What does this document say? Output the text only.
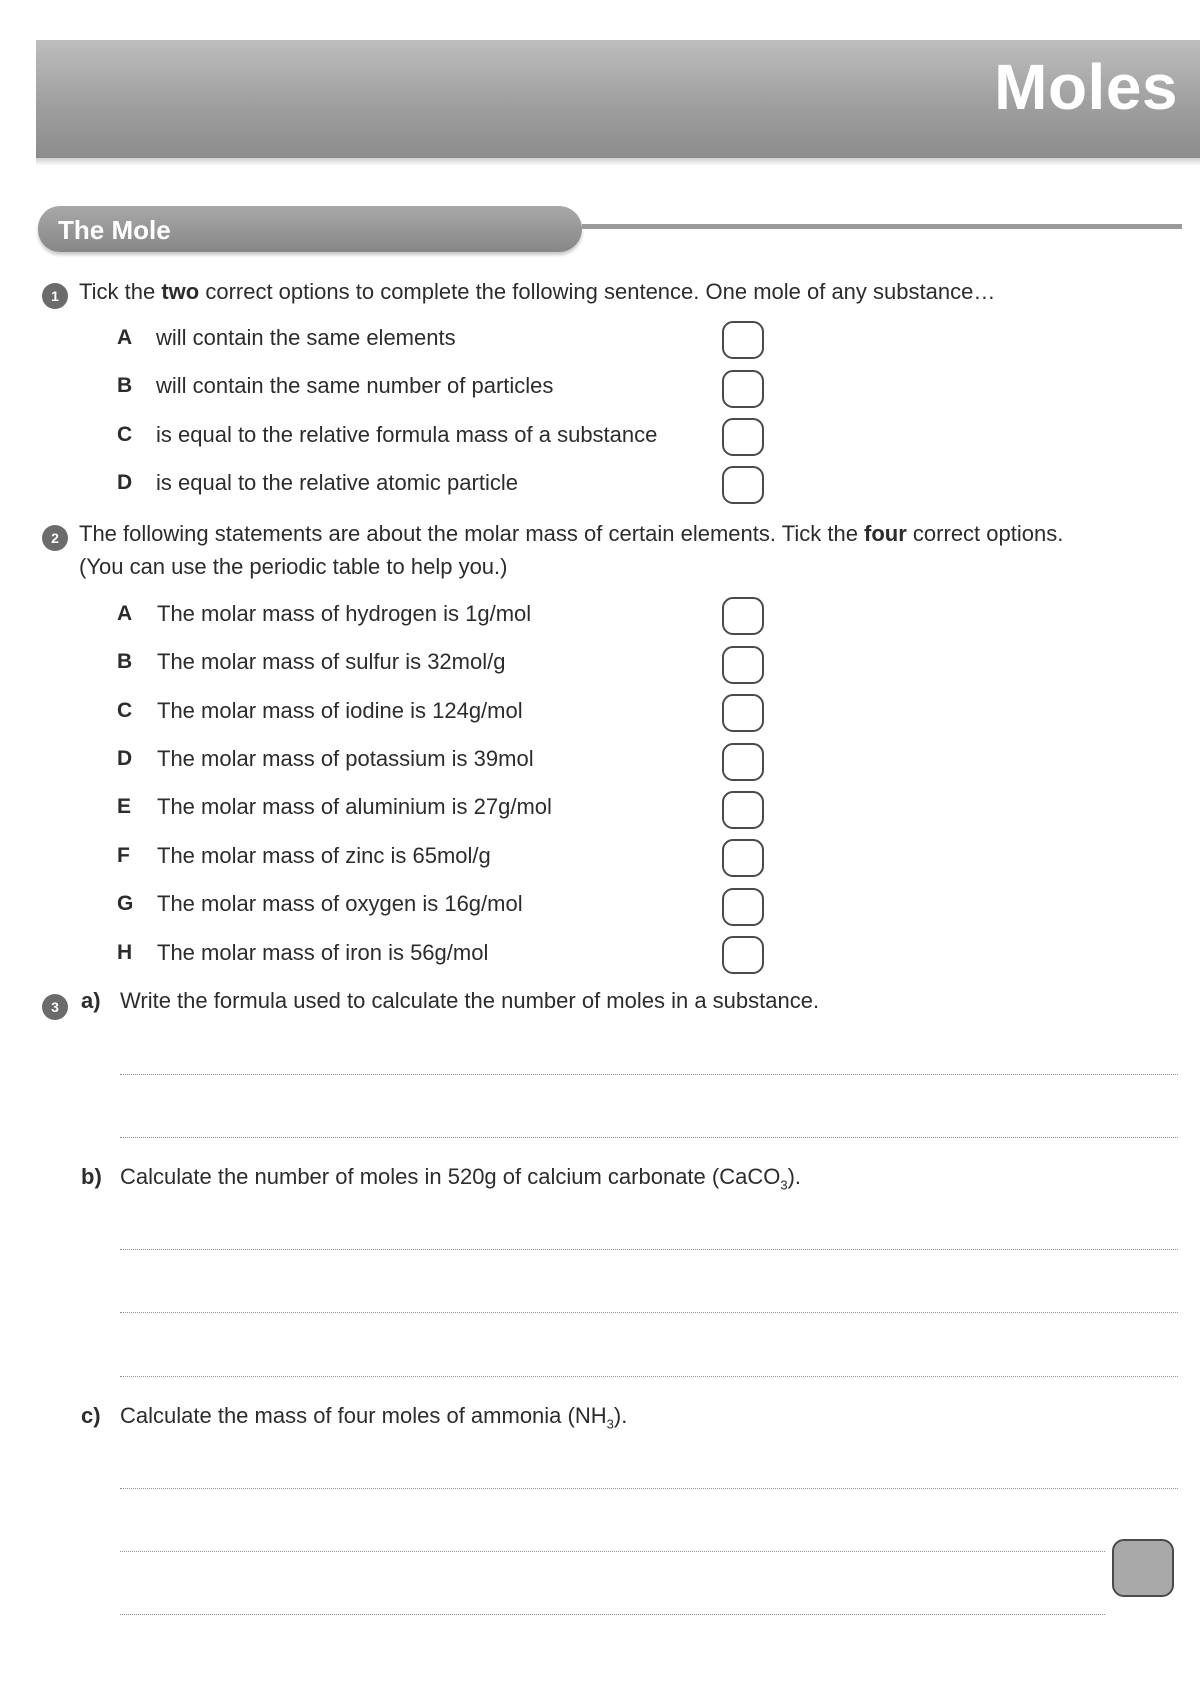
Moles
The Mole
1 Tick the two correct options to complete the following sentence. One mole of any substance…
A will contain the same elements
B will contain the same number of particles
C is equal to the relative formula mass of a substance
D is equal to the relative atomic particle
2 The following statements are about the molar mass of certain elements. Tick the four correct options.
(You can use the periodic table to help you.)
A The molar mass of hydrogen is 1g/mol
B The molar mass of sulfur is 32mol/g
C The molar mass of iodine is 124g/mol
D The molar mass of potassium is 39mol
E The molar mass of aluminium is 27g/mol
F The molar mass of zinc is 65mol/g
G The molar mass of oxygen is 16g/mol
H The molar mass of iron is 56g/mol
3	a) Write the formula used to calculate the number of moles in a substance.
b) Calculate the number of moles in 520g of calcium carbonate (CaCO$_3$).
c) Calculate the mass of four moles of ammonia $(NH_3)$.
